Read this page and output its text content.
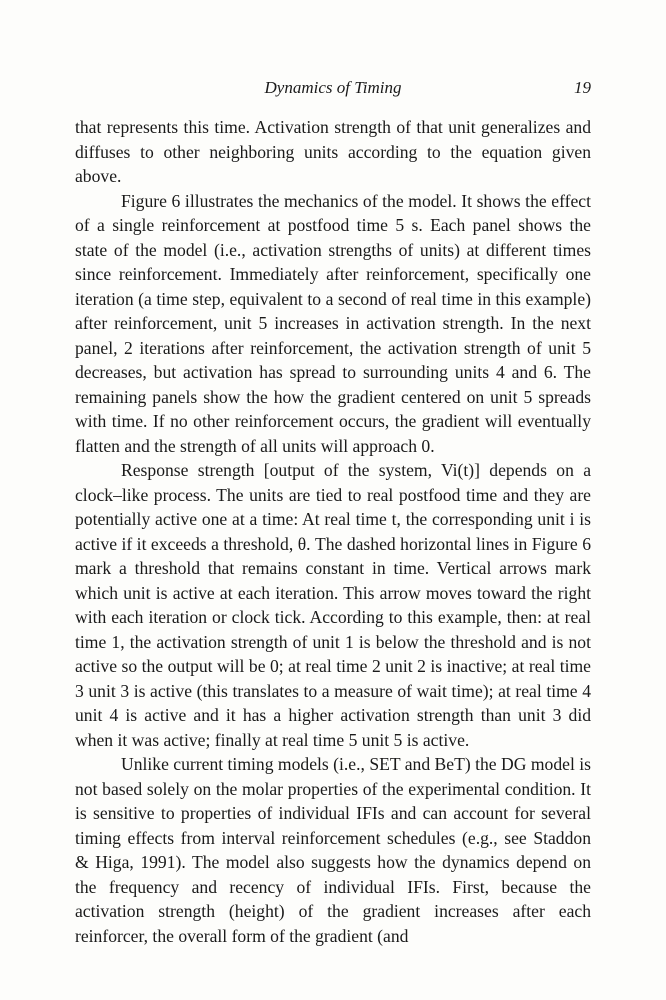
Dynamics of Timing	19

that represents this time. Activation strength of that unit generalizes and diffuses to other neighboring units according to the equation given above.

Figure 6 illustrates the mechanics of the model. It shows the effect of a single reinforcement at postfood time 5 s. Each panel shows the state of the model (i.e., activation strengths of units) at different times since reinforcement. Immediately after reinforcement, specifically one iteration (a time step, equivalent to a second of real time in this example) after reinforcement, unit 5 increases in activation strength. In the next panel, 2 iterations after reinforcement, the activation strength of unit 5 decreases, but activation has spread to surrounding units 4 and 6. The remaining panels show the how the gradient centered on unit 5 spreads with time. If no other reinforcement occurs, the gradient will eventually flatten and the strength of all units will approach 0.

Response strength [output of the system, Vi(t)] depends on a clock–like process. The units are tied to real postfood time and they are potentially active one at a time: At real time t, the corresponding unit i is active if it exceeds a threshold, θ. The dashed horizontal lines in Figure 6 mark a threshold that remains constant in time. Vertical arrows mark which unit is active at each iteration. This arrow moves toward the right with each iteration or clock tick. According to this example, then: at real time 1, the activation strength of unit 1 is below the threshold and is not active so the output will be 0; at real time 2 unit 2 is inactive; at real time 3 unit 3 is active (this translates to a measure of wait time); at real time 4 unit 4 is active and it has a higher activation strength than unit 3 did when it was active; finally at real time 5 unit 5 is active.

Unlike current timing models (i.e., SET and BeT) the DG model is not based solely on the molar properties of the experimental condition. It is sensitive to properties of individual IFIs and can account for several timing effects from interval reinforcement schedules (e.g., see Staddon & Higa, 1991). The model also suggests how the dynamics depend on the frequency and recency of individual IFIs. First, because the activation strength (height) of the gradient increases after each reinforcer, the overall form of the gradient (and
